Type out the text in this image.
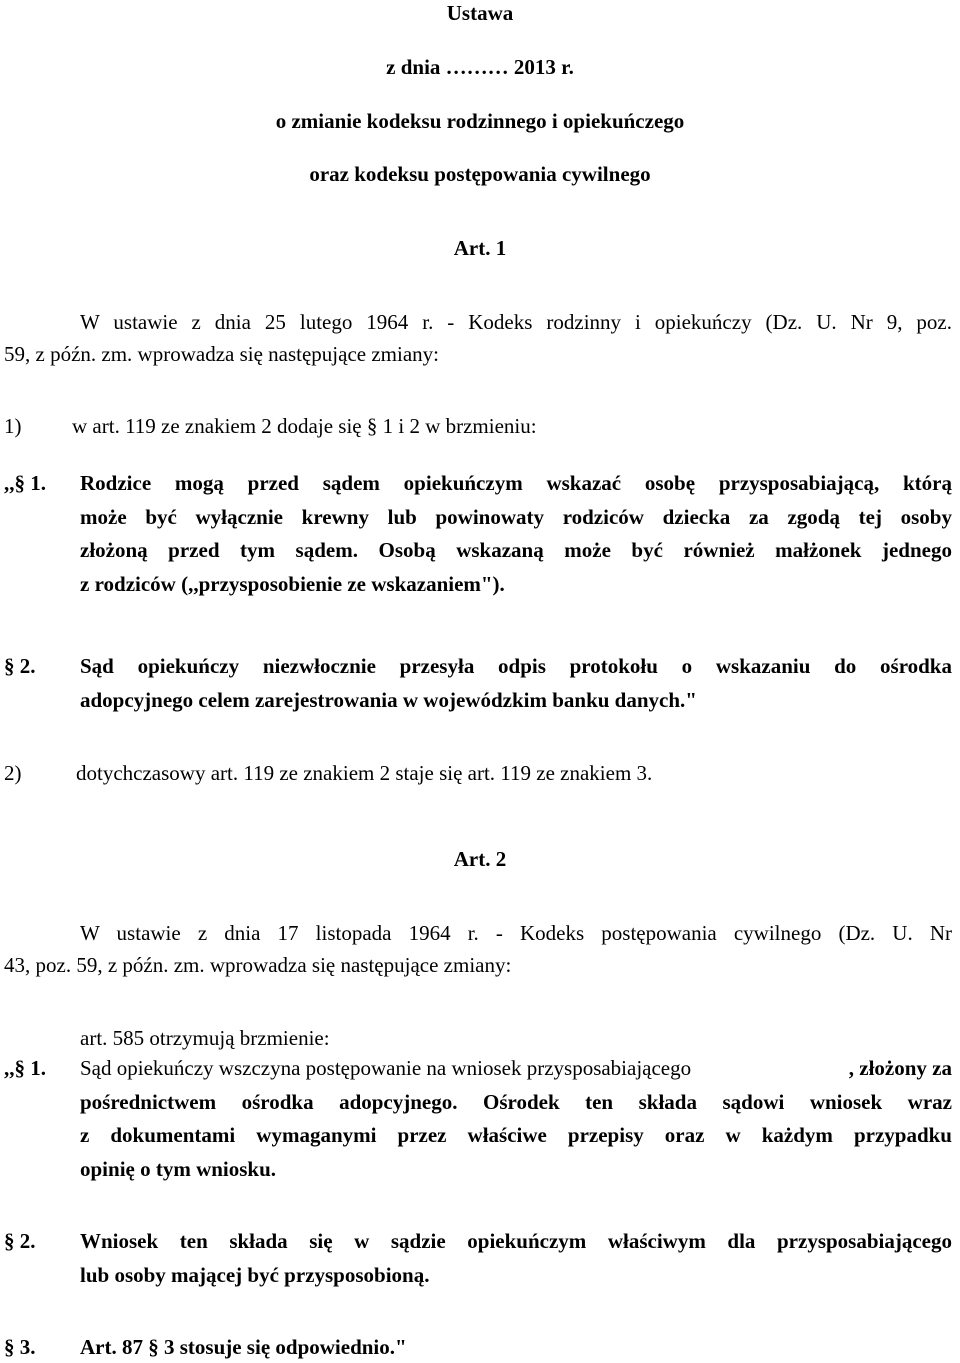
Ustawa
z dnia ……… 2013 r.
o zmianie kodeksu rodzinnego i opiekuńczego
oraz kodeksu postępowania cywilnego
Art. 1
W ustawie z dnia 25 lutego 1964 r. - Kodeks rodzinny i opiekuńczy (Dz. U. Nr 9, poz.
59, z późn. zm. wprowadza się następujące zmiany:
1) w art. 119 ze znakiem 2 dodaje się § 1 i 2 w brzmieniu:
,,§ 1. Rodzice mogą przed sądem opiekuńczym wskazać osobę przysposabiającą, którą
może być wyłącznie krewny lub powinowaty rodziców dziecka za zgodą tej osoby
złożoną przed tym sądem. Osobą wskazaną może być również małżonek jednego
z rodziców (,,przysposobienie ze wskazaniem").
§ 2. Sąd opiekuńczy niezwłocznie przesyła odpis protokołu o wskazaniu do ośrodka
adopcyjnego celem zarejestrowania w wojewódzkim banku danych."
2)	dotychczasowy art. 119 ze znakiem 2 staje się art. 119 ze znakiem 3.
Art. 2
W ustawie z dnia 17 listopada 1964 r. - Kodeks postępowania cywilnego (Dz. U. Nr
43, poz. 59, z późn. zm. wprowadza się następujące zmiany:
art. 585 otrzymują brzmienie:
,,§ 1. Sąd opiekuńczy wszczyna postępowanie na wniosek przysposabiającego	, złożony za
pośrednictwem ośrodka adopcyjnego. Ośrodek ten składa sądowi wniosek wraz
z dokumentami wymaganymi przez właściwe przepisy oraz w każdym przypadku
opinię o tym wniosku.
§ 2. Wniosek ten składa się w sądzie opiekuńczym właściwym dla przysposabiającego
lub osoby mającej być przysposobioną.
§ 3. Art. 87 § 3 stosuje się odpowiednio."
